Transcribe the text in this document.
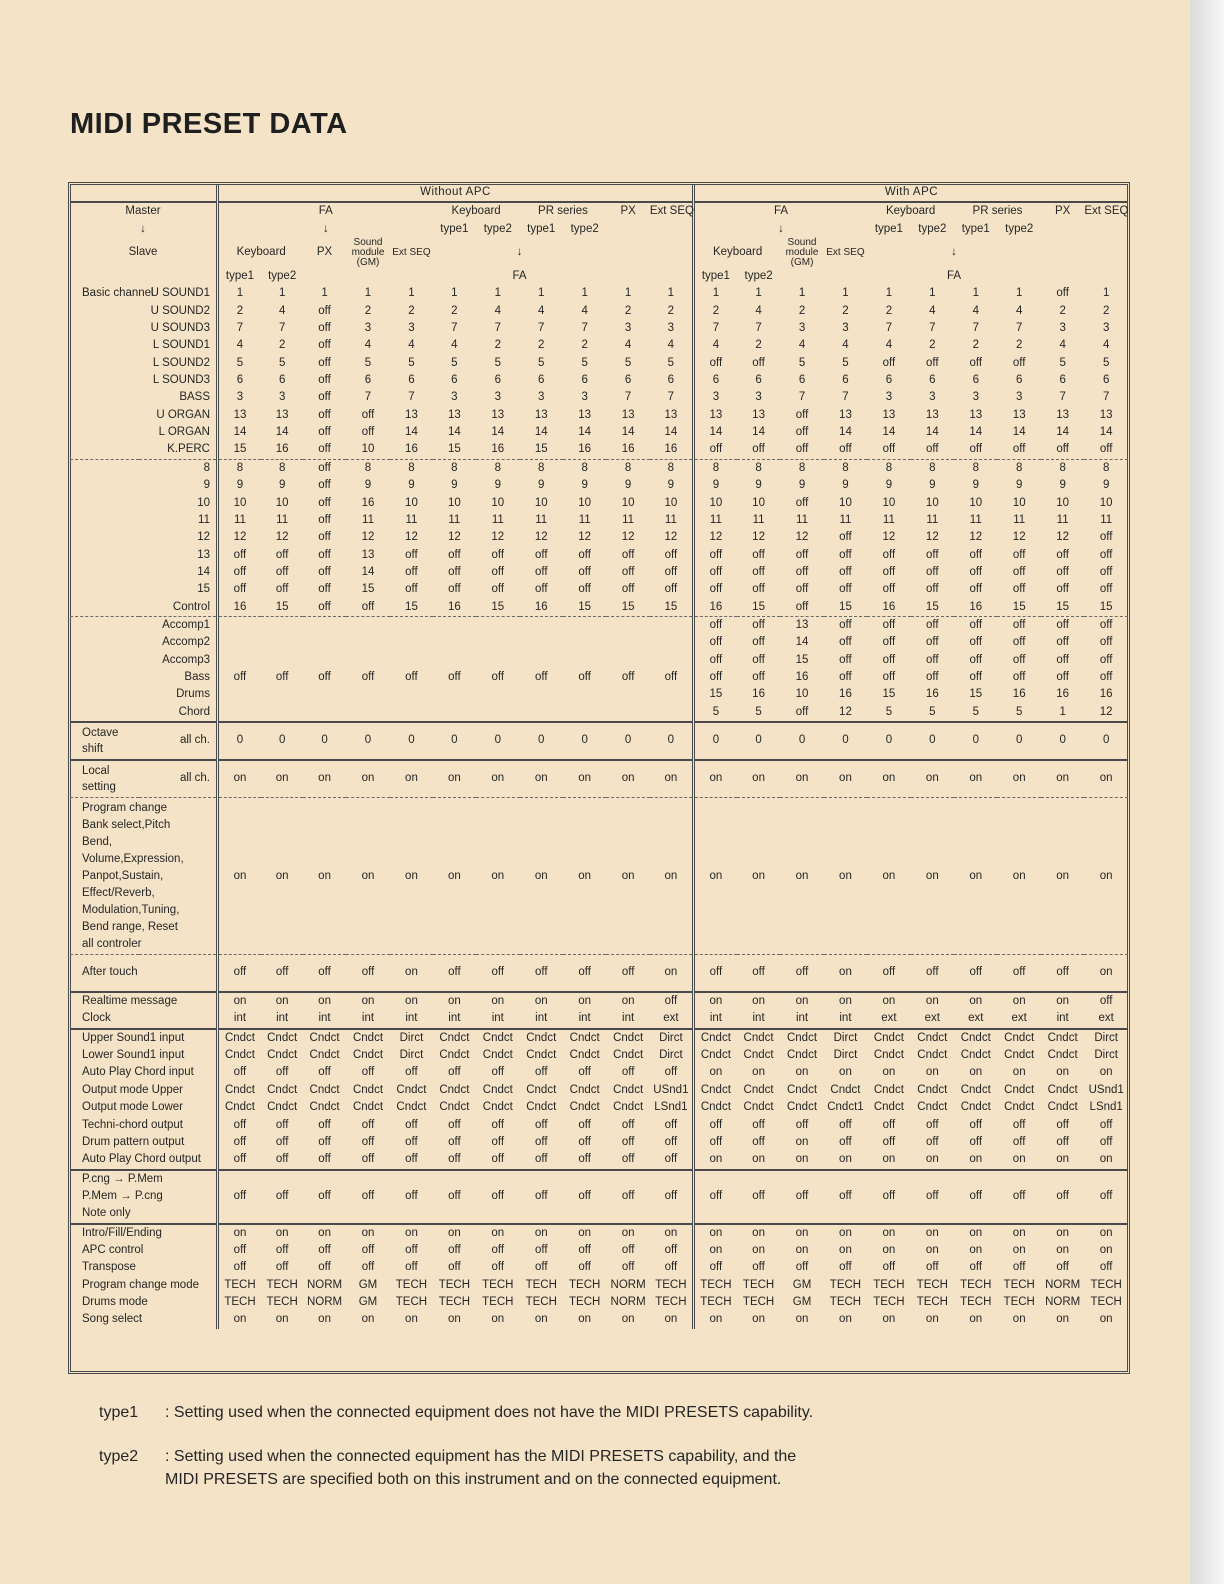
MIDI PRESET DATA
		Without APC											With APC									
Master		FA					Keyboard		PR series		PX	Ext SEQ	FA				Keyboard		PR series		PX	Ext SEQ
↓		↓					type1	type2	type1	type2			↓				type1	type2	type1	type2		
Slave		Keyboard		PX	Sound module (GM)	Ext SEQ	↓						Keyboard		Sound module (GM)	Ext SEQ	↓					
		type1	type2				FA						type1	type2			FA					
Basic channel	U SOUND1	1	1	1	1	1	1	1	1	1	1	1	1	1	1	1	1	1	1	1	off	1
	U SOUND2	2	4	off	2	2	2	4	4	4	2	2	2	4	2	2	2	4	4	4	2	2
	U SOUND3	7	7	off	3	3	7	7	7	7	3	3	7	7	3	3	7	7	7	7	3	3
	L SOUND1	4	2	off	4	4	4	2	2	2	4	4	4	2	4	4	4	2	2	2	4	4
	L SOUND2	5	5	off	5	5	5	5	5	5	5	5	off	off	5	5	off	off	off	off	5	5
	L SOUND3	6	6	off	6	6	6	6	6	6	6	6	6	6	6	6	6	6	6	6	6	6
	BASS	3	3	off	7	7	3	3	3	3	7	7	3	3	7	7	3	3	3	3	7	7
	U ORGAN	13	13	off	off	13	13	13	13	13	13	13	13	13	off	13	13	13	13	13	13	13
	L ORGAN	14	14	off	off	14	14	14	14	14	14	14	14	14	off	14	14	14	14	14	14	14
	K.PERC	15	16	off	10	16	15	16	15	16	16	16	off	off	off	off	off	off	off	off	off	off
	8	8	8	off	8	8	8	8	8	8	8	8	8	8	8	8	8	8	8	8	8	8
	9	9	9	off	9	9	9	9	9	9	9	9	9	9	9	9	9	9	9	9	9	9
	10	10	10	off	16	10	10	10	10	10	10	10	10	10	off	10	10	10	10	10	10	10
	11	11	11	off	11	11	11	11	11	11	11	11	11	11	11	11	11	11	11	11	11	11
	12	12	12	off	12	12	12	12	12	12	12	12	12	12	12	off	12	12	12	12	12	off
	13	off	off	off	13	off	off	off	off	off	off	off	off	off	off	off	off	off	off	off	off	off
	14	off	off	off	14	off	off	off	off	off	off	off	off	off	off	off	off	off	off	off	off	off
	15	off	off	off	15	off	off	off	off	off	off	off	off	off	off	off	off	off	off	off	off	off
	Control	16	15	off	off	15	16	15	16	15	15	15	16	15	off	15	16	15	16	15	15	15
	Accomp1												off	off	13	off	off	off	off	off	off	off
	Accomp2												off	off	14	off	off	off	off	off	off	off
	Accomp3												off	off	15	off	off	off	off	off	off	off
	Bass	off	off	off	off	off	off	off	off	off	off	off	off	off	16	off	off	off	off	off	off	off
	Drums												15	16	10	16	15	16	15	16	16	16
	Chord												5	5	off	12	5	5	5	5	1	12
Octave shift	all ch.	0	0	0	0	0	0	0	0	0	0	0	0	0	0	0	0	0	0	0	0	0
Local setting	all ch.	on	on	on	on	on	on	on	on	on	on	on	on	on	on	on	on	on	on	on	on	on
Program change Bank select,Pitch Bend, Volume,Expression, Panpot,Sustain, Effect/Reverb, Modulation,Tuning, Bend range, Reset all controler		on	on	on	on	on	on	on	on	on	on	on	on	on	on	on	on	on	on	on	on	on
After touch		off	off	off	off	on	off	off	off	off	off	on	off	off	off	on	off	off	off	off	off	on
Realtime message		on	on	on	on	on	on	on	on	on	on	off	on	on	on	on	on	on	on	on	on	off
Clock		int	int	int	int	int	int	int	int	int	int	ext	int	int	int	int	ext	ext	ext	ext	int	ext
Upper Sound1 input		Cndct	Cndct	Cndct	Cndct	Dirct	Cndct	Cndct	Cndct	Cndct	Cndct	Dirct	Cndct	Cndct	Cndct	Dirct	Cndct	Cndct	Cndct	Cndct	Cndct	Dirct
Lower Sound1 input		Cndct	Cndct	Cndct	Cndct	Dirct	Cndct	Cndct	Cndct	Cndct	Cndct	Dirct	Cndct	Cndct	Cndct	Dirct	Cndct	Cndct	Cndct	Cndct	Cndct	Dirct
Auto Play Chord input		off	off	off	off	off	off	off	off	off	off	off	on	on	on	on	on	on	on	on	on	on
Output mode Upper		Cndct	Cndct	Cndct	Cndct	Cndct	Cndct	Cndct	Cndct	Cndct	Cndct	USnd1	Cndct	Cndct	Cndct	Cndct	Cndct	Cndct	Cndct	Cndct	Cndct	USnd1
Output mode Lower		Cndct	Cndct	Cndct	Cndct	Cndct	Cndct	Cndct	Cndct	Cndct	Cndct	LSnd1	Cndct	Cndct	Cndct	Cndct1	Cndct	Cndct	Cndct	Cndct	Cndct	LSnd1
Techni-chord output		off	off	off	off	off	off	off	off	off	off	off	off	off	off	off	off	off	off	off	off	off
Drum pattern output		off	off	off	off	off	off	off	off	off	off	off	off	off	on	off	off	off	off	off	off	off
Auto Play Chord output		off	off	off	off	off	off	off	off	off	off	off	on	on	on	on	on	on	on	on	on	on
P.cng → P.Mem P.Mem → P.cng Note only		off	off	off	off	off	off	off	off	off	off	off	off	off	off	off	off	off	off	off	off	off
Intro/Fill/Ending		on	on	on	on	on	on	on	on	on	on	on	on	on	on	on	on	on	on	on	on	on
APC control		off	off	off	off	off	off	off	off	off	off	off	on	on	on	on	on	on	on	on	on	on
Transpose		off	off	off	off	off	off	off	off	off	off	off	off	off	off	off	off	off	off	off	off	off
Program change mode		TECH	TECH	NORM	GM	TECH	TECH	TECH	TECH	TECH	NORM	TECH	TECH	TECH	GM	TECH	TECH	TECH	TECH	TECH	NORM	TECH
Drums mode		TECH	TECH	NORM	GM	TECH	TECH	TECH	TECH	TECH	NORM	TECH	TECH	TECH	GM	TECH	TECH	TECH	TECH	TECH	NORM	TECH
Song select		on	on	on	on	on	on	on	on	on	on	on	on	on	on	on	on	on	on	on	on	on
type1 : Setting used when the connected equipment does not have the MIDI PRESETS capability.
type2 : Setting used when the connected equipment has the MIDI PRESETS capability, and the
MIDI PRESETS are specified both on this instrument and on the connected equipment.
